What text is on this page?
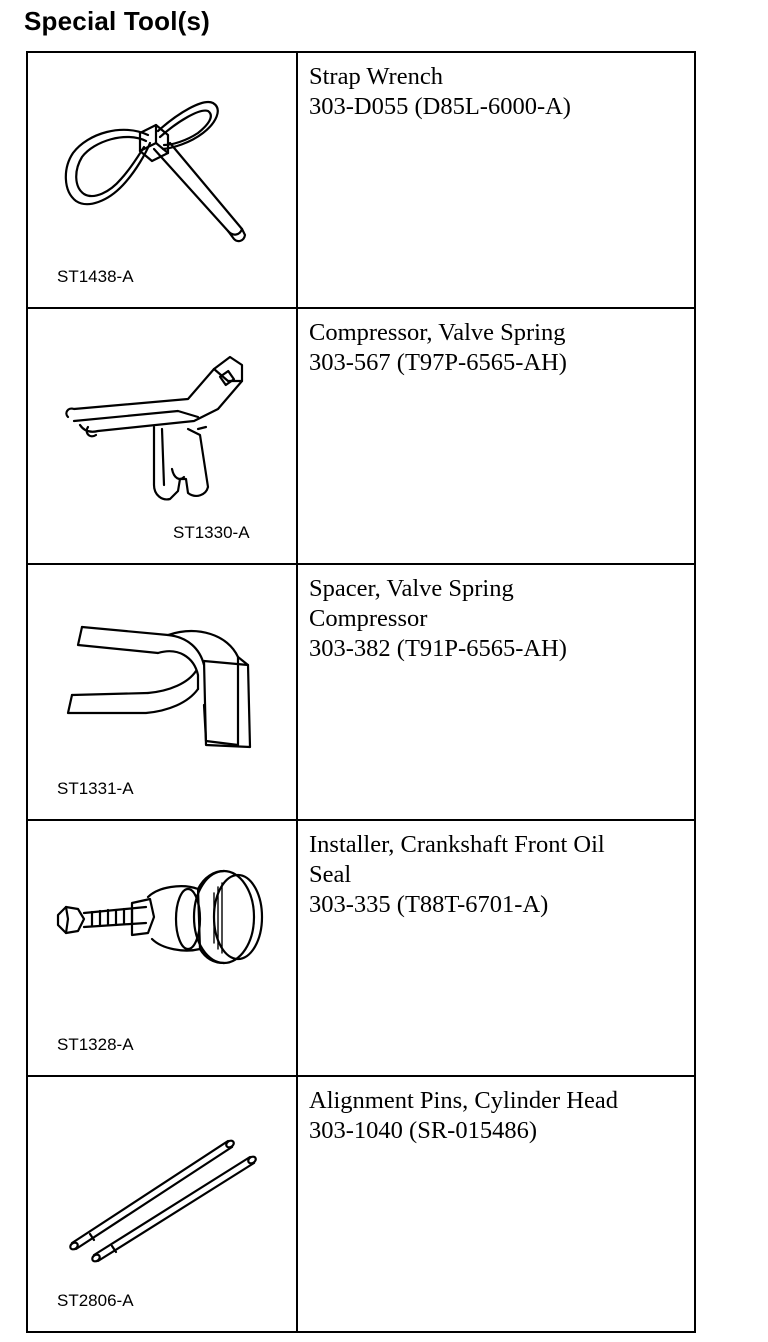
Special Tool(s)
ST1438-A	Strap Wrench
303-D055 (D85L-6000-A)

ST1330-A	Compressor, Valve Spring
303-567 (T97P-6565-AH)

ST1331-A	Spacer, Valve Spring
Compressor
303-382 (T91P-6565-AH)

ST1328-A	Installer, Crankshaft Front Oil
Seal
303-335 (T88T-6701-A)

ST2806-A	Alignment Pins, Cylinder Head
303-1040 (SR-015486)
